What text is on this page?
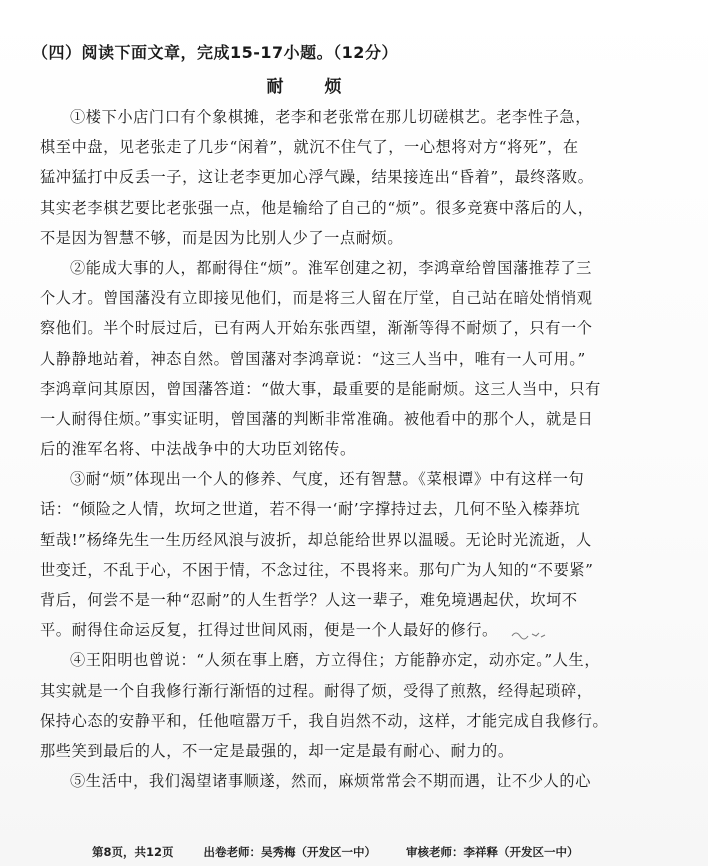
（四）阅读下面文章，完成15-17小题。（12分）
耐　烦
①楼下小店门口有个象棋摊，老李和老张常在那儿切磋棋艺。老李性子急，
棋至中盘，见老张走了几步“闲着”，就沉不住气了，一心想将对方“将死”，在
猛冲猛打中反丢一子，这让老李更加心浮气躁，结果接连出“昏着”，最终落败。
其实老李棋艺要比老张强一点，他是输给了自己的“烦”。很多竞赛中落后的人，
不是因为智慧不够，而是因为比别人少了一点耐烦。
②能成大事的人，都耐得住“烦”。淮军创建之初，李鸿章给曾国藩推荐了三
个人才。曾国藩没有立即接见他们，而是将三人留在厅堂，自己站在暗处悄悄观
察他们。半个时辰过后，已有两人开始东张西望，渐渐等得不耐烦了，只有一个
人静静地站着，神态自然。曾国藩对李鸿章说：“这三人当中，唯有一人可用。”
李鸿章问其原因，曾国藩答道：“做大事，最重要的是能耐烦。这三人当中，只有
一人耐得住烦。”事实证明，曾国藩的判断非常准确。被他看中的那个人，就是日
后的淮军名将、中法战争中的大功臣刘铭传。
③耐“烦”体现出一个人的修养、气度，还有智慧。《菜根谭》中有这样一句
话：“倾险之人情，坎坷之世道，若不得一‘耐’字撑持过去，几何不坠入榛莽坑
堑哉!”杨绛先生一生历经风浪与波折，却总能给世界以温暖。无论时光流逝，人
世变迁，不乱于心，不困于情，不念过往，不畏将来。那句广为人知的“不要紧”
背后，何尝不是一种“忍耐”的人生哲学？人这一辈子，难免境遇起伏，坎坷不
平。耐得住命运反复，扛得过世间风雨，便是一个人最好的修行。
④王阳明也曾说：“人须在事上磨，方立得住；方能静亦定，动亦定。”人生，
其实就是一个自我修行渐行渐悟的过程。耐得了烦，受得了煎熬，经得起琐碎，
保持心态的安静平和，任他喧嚣万千，我自岿然不动，这样，才能完成自我修行。
那些笑到最后的人，不一定是最强的，却一定是最有耐心、耐力的。
⑤生活中，我们渴望诸事顺遂，然而，麻烦常常会不期而遇，让不少人的心
第8页，共12页	出卷老师：吴秀梅（开发区一中）	审核老师：李祥释（开发区一中）
